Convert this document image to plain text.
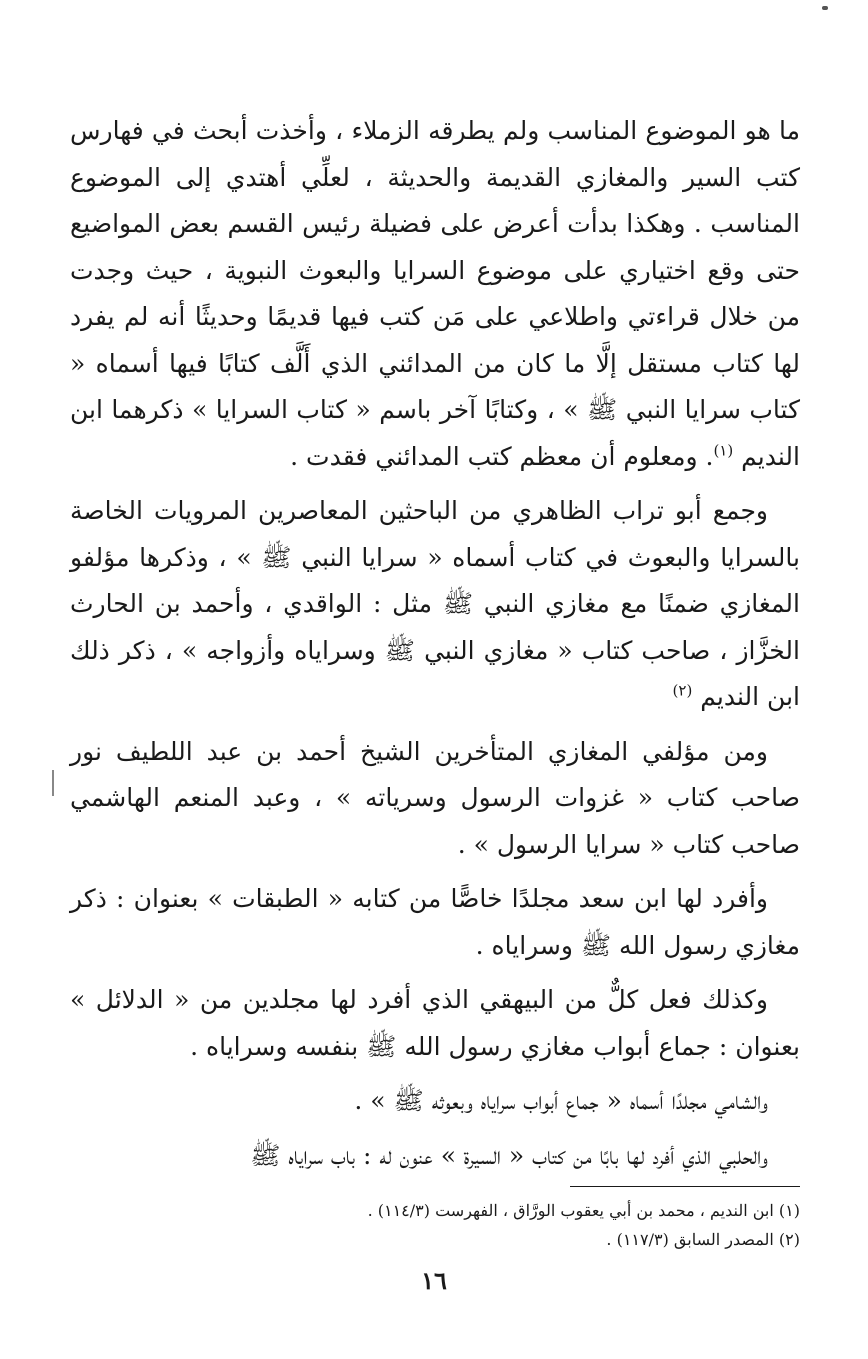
ما هو الموضوع المناسب ولم يطرقه الزملاء ، وأخذت أبحث في فهارس كتب السير والمغازي القديمة والحديثة ، لعلِّي أهتدي إلى الموضوع المناسب . وهكذا بدأت أعرض على فضيلة رئيس القسم بعض المواضيع حتى وقع اختياري على موضوع السرايا والبعوث النبوية ، حيث وجدت من خلال قراءتي واطلاعي على مَن كتب فيها قديمًا وحديثًا أنه لم يفرد لها كتاب مستقل إلَّا ما كان من المدائني الذي أَلَّف كتابًا فيها أسماه « كتاب سرايا النبي ﷺ » ، وكتابًا آخر باسم « كتاب السرايا » ذكرهما ابن النديم $^{(١)}$. ومعلوم أن معظم كتب المدائني فقدت .

وجمع أبو تراب الظاهري من الباحثين المعاصرين المرويات الخاصة بالسرايا والبعوث في كتاب أسماه « سرايا النبي ﷺ » ، وذكرها مؤلفو المغازي ضمنًا مع مغازي النبي ﷺ مثل : الواقدي ، وأحمد بن الحارث الخزَّاز ، صاحب كتاب « مغازي النبي ﷺ وسراياه وأزواجه » ، ذكر ذلك ابن النديم $^{(٢)}$

ومن مؤلفي المغازي المتأخرين الشيخ أحمد بن عبد اللطيف نور صاحب كتاب « غزوات الرسول وسرياته » ، وعبد المنعم الهاشمي صاحب كتاب « سرايا الرسول » .

وأفرد لها ابن سعد مجلدًا خاصًّا من كتابه « الطبقات » بعنوان : ذكر مغازي رسول الله ﷺ وسراياه .

وكذلك فعل كلٌّ من البيهقي الذي أفرد لها مجلدين من « الدلائل » بعنوان : جماع أبواب مغازي رسول الله ﷺ بنفسه وسراياه .

والشامي مجلدًا أسماه « جماع أبواب سراياه وبعوثه ﷺ » .

والحلبي الذي أفرد لها بابًا من كتاب « السيرة » عنون له : باب سراياه ﷺ

(١) ابن النديم ، محمد بن أبي يعقوب الورَّاق ، الفهرست (١١٤/٣) .

(٢) المصدر السابق (١١٧/٣) .

١٦
